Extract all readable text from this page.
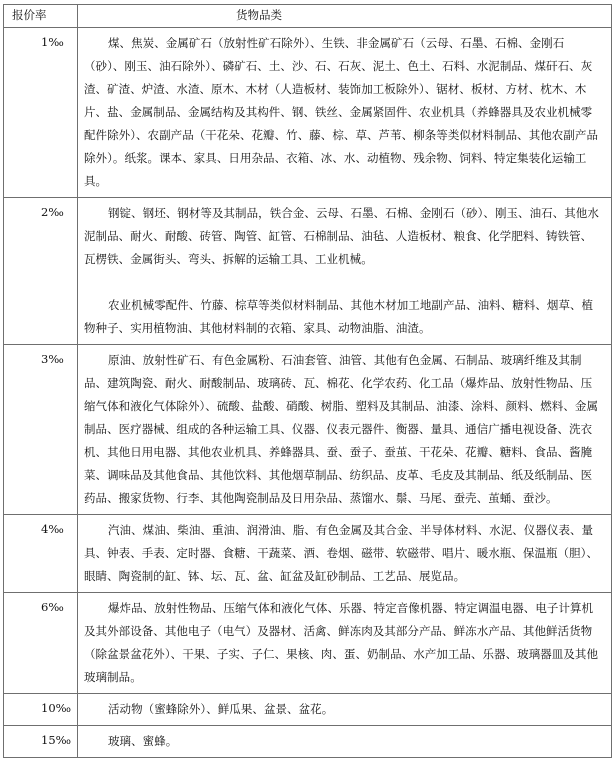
报价率	货物品类
1‰	煤、焦炭、金属矿石（放射性矿石除外）、生铁、非金属矿石（云母、石墨、石棉、金刚石（砂）、刚玉、油石除外）、磷矿石、土、沙、石、石灰、泥土、色土、石料、水泥制品、煤矸石、灰渣、矿渣、炉渣、水渣、原木、木材（人造板材、装饰加工板除外）、锯材、板材、方材、枕木、木片、盐、金属制品、金属结构及其构件、钢、铁丝、金属紧固件、农业机具（养蜂器具及农业机械零配件除外）、农副产品（干花朵、花瓣、竹、藤、棕、草、芦苇、柳条等类似材料制品、其他农副产品除外）。纸浆。课本、家具、日用杂品、衣箱、冰、水、动植物、残余物、饲料、特定集装化运输工具。

2‰	钢锭、钢坯、钢材等及其制品，铁合金、云母、石墨、石棉、金刚石（砂）、刚玉、油石、其他水泥制品、耐火、耐酸、砖管、陶管、缸管、石棉制品、油毡、人造板材、粮食、化学肥料、铸铁管、瓦楞铁、金属街头、弯头、拆解的运输工具、工业机械。

农业机械零配件、竹藤、棕草等类似材料制品、其他木材加工地副产品、油料、糖料、烟草、植物种子、实用植物油、其他材料制的衣箱、家具、动物油脂、油渣。

3‰	原油、放射性矿石、有色金属粉、石油套管、油管、其他有色金属、石制品、玻璃纤维及其制品、建筑陶瓷、耐火、耐酸制品、玻璃砖、瓦、棉花、化学农药、化工品（爆炸品、放射性物品、压缩气体和液化气体除外）、硫酸、盐酸、硝酸、树脂、塑料及其制品、油漆、涂料、颜料、燃料、金属制品、医疗器械、组成的各种运输工具、仪器、仪表元器件、衡器、量具、通信广播电视设备、洗衣机、其他日用电器、其他农业机具、养蜂器具、蚕、蚕子、蚕茧、干花朵、花瓣、糖料、食品、酱腌菜、调味品及其他食品、其他饮料、其他烟草制品、纺织品、皮革、毛皮及其制品、纸及纸制品、医药品、搬家货物、行李、其他陶瓷制品及日用杂品、蒸馏水、鬃、马尾、蚕壳、茧蛹、蚕沙。

4‰	汽油、煤油、柴油、重油、润滑油、脂、有色金属及其合金、半导体材料、水泥、仪器仪表、量具、钟表、手表、定时器、食糖、干蔬菜、酒、卷烟、磁带、软磁带、唱片、暖水瓶、保温瓶（胆）、眼睛、陶瓷制的缸、钵、坛、瓦、盆、缸盆及缸砂制品、工艺品、展览品。

6‰	爆炸品、放射性物品、压缩气体和液化气体、乐器、特定音像机器、特定调温电器、电子计算机及其外部设备、其他电子（电气）及器材、活禽、鲜冻肉及其部分产品、鲜冻水产品、其他鲜活货物（除盆景盆花外）、干果、子实、子仁、果核、肉、蛋、奶制品、水产加工品、乐器、玻璃器皿及其他玻璃制品。

10‰	活动物（蜜蜂除外）、鲜瓜果、盆景、盆花。

15‰	玻璃、蜜蜂。
